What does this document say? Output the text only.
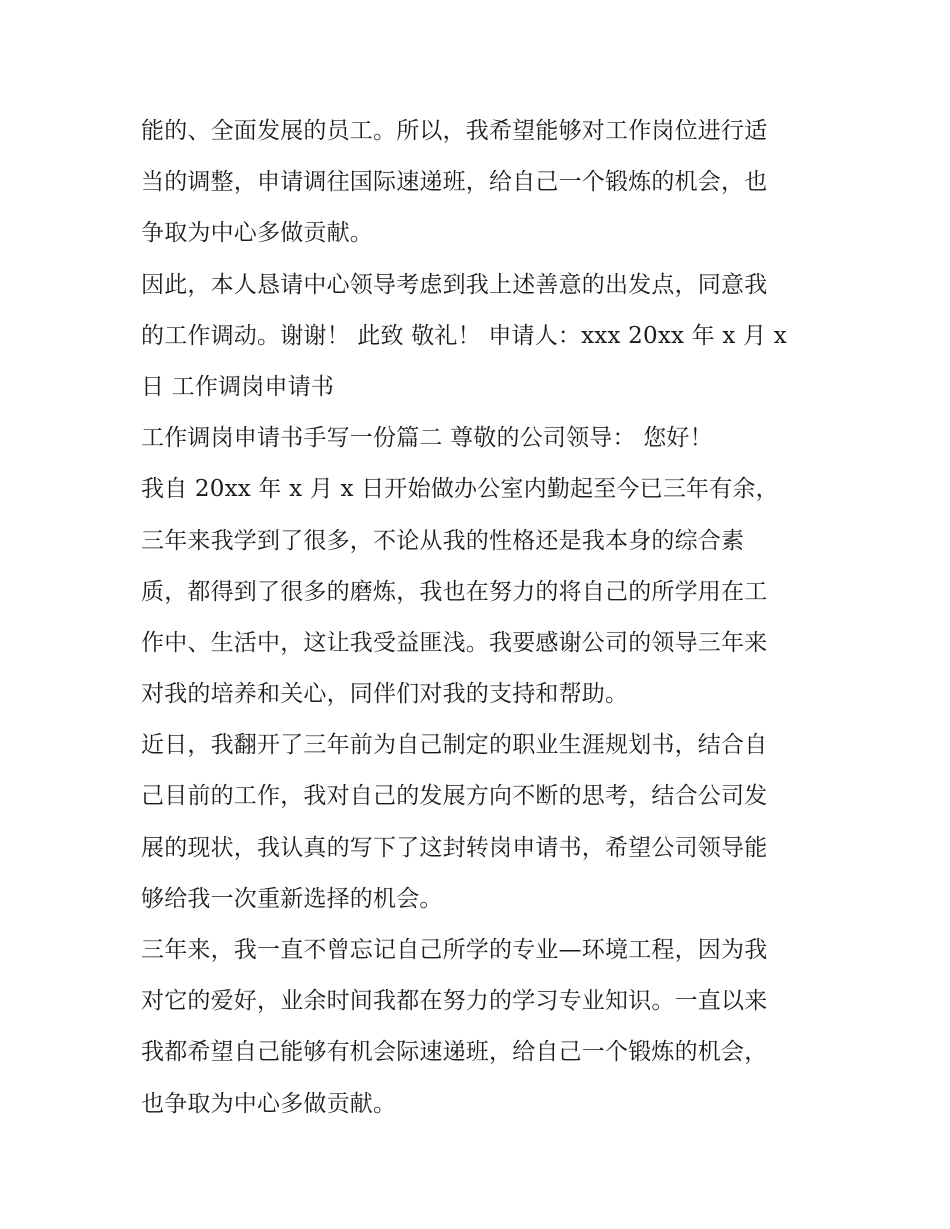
能的、全面发展的员工。所以，我希望能够对工作岗位进行适
当的调整，申请调往国际速递班，给自己一个锻炼的机会，也
争取为中心多做贡献。
因此，本人恳请中心领导考虑到我上述善意的出发点，同意我
的工作调动。谢谢！ 此致 敬礼！ 申请人：xxx 20xx 年 x 月 x
日 工作调岗申请书
工作调岗申请书手写一份篇二 尊敬的公司领导： 您好！
我自 20xx 年 x 月 x 日开始做办公室内勤起至今已三年有余，
三年来我学到了很多，不论从我的性格还是我本身的综合素
质，都得到了很多的磨炼，我也在努力的将自己的所学用在工
作中、生活中，这让我受益匪浅。我要感谢公司的领导三年来
对我的培养和关心，同伴们对我的支持和帮助。
近日，我翻开了三年前为自己制定的职业生涯规划书，结合自
己目前的工作，我对自己的发展方向不断的思考，结合公司发
展的现状，我认真的写下了这封转岗申请书，希望公司领导能
够给我一次重新选择的机会。
三年来，我一直不曾忘记自己所学的专业—环境工程，因为我
对它的爱好，业余时间我都在努力的学习专业知识。一直以来
我都希望自己能够有机会际速递班，给自己一个锻炼的机会，
也争取为中心多做贡献。
